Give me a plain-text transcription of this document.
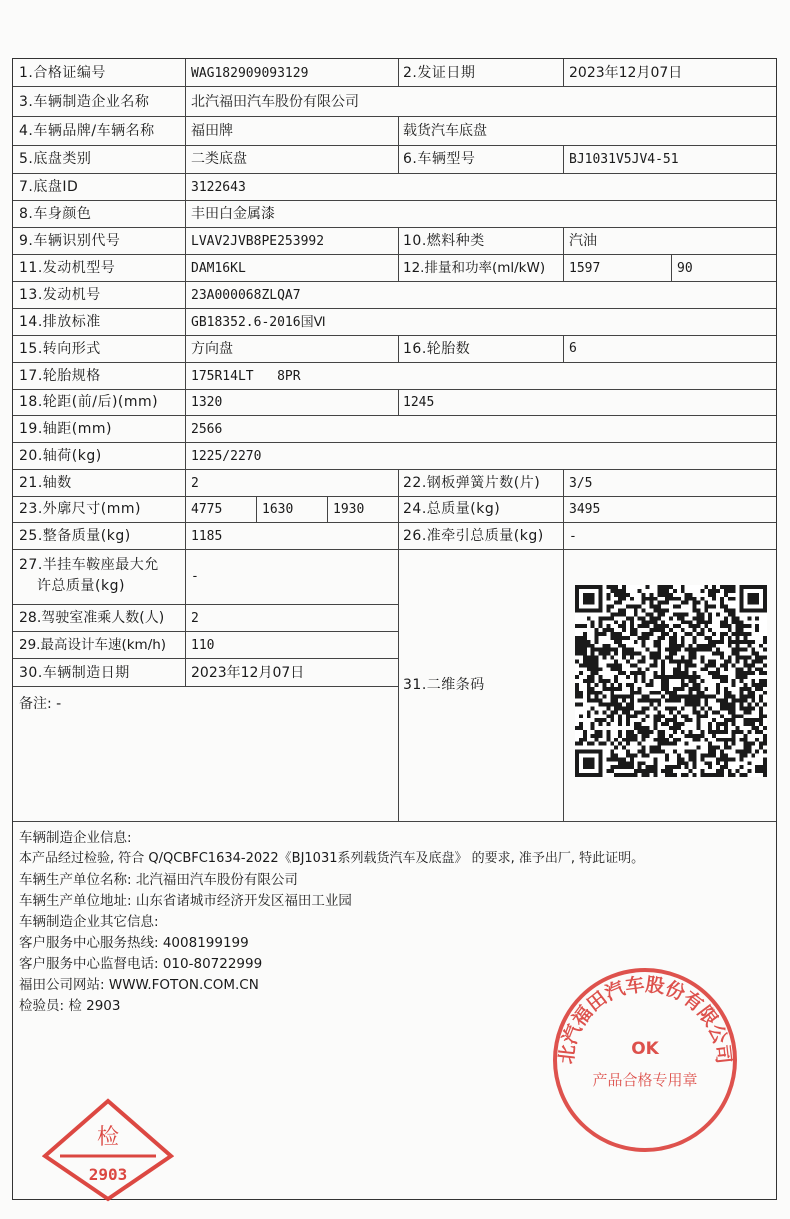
1.合格证编号	WAG182909093129	2.发证日期	2023年12月07日
3.车辆制造企业名称	北汽福田汽车股份有限公司
4.车辆品牌/车辆名称	福田牌	载货汽车底盘
5.底盘类别	二类底盘	6.车辆型号	BJ1031V5JV4-51
7.底盘ID	3122643
8.车身颜色	丰田白金属漆
9.车辆识别代号	LVAV2JVB8PE253992	10.燃料种类	汽油
11.发动机型号	DAM16KL	12.排量和功率(ml/kW) 1597	90
13.发动机号	23A000068ZLQA7
14.排放标准	GB18352.6-2016国Ⅵ
15.转向形式	方向盘	16.轮胎数	6
17.轮胎规格	175R14LT   8PR
18.轮距(前/后)(mm)	1320	1245
19.轴距(mm)	2566
20.轴荷(kg)	1225/2270
21.轴数	2	22.钢板弹簧片数(片) 3/5
23.外廓尺寸(mm)	4775	1630	1930	24.总质量(kg)	3495
25.整备质量(kg)	1185	26.准牵引总质量(kg) -
27.半挂车鞍座最大允
许总质量(kg)
-
28.驾驶室准乘人数(人) 2
29.最高设计车速(km/h) 110
30.车辆制造日期	2023年12月07日
备注: -
31.二维条码
车辆制造企业信息:
本产品经过检验, 符合 Q/QCBFC1634-2022《BJ1031系列载货汽车及底盘》 的要求, 准予出厂, 特此证明。
车辆生产单位名称: 北汽福田汽车股份有限公司
车辆生产单位地址: 山东省诸城市经济开发区福田工业园
车辆制造企业其它信息:
客户服务中心服务热线: 4008199199
客户服务中心监督电话: 010-80722999
福田公司网站: WWW.FOTON.COM.CN
检验员: 检 2903
北汽福田汽车股份有限公司
OK
产品合格专用章
检
2903
